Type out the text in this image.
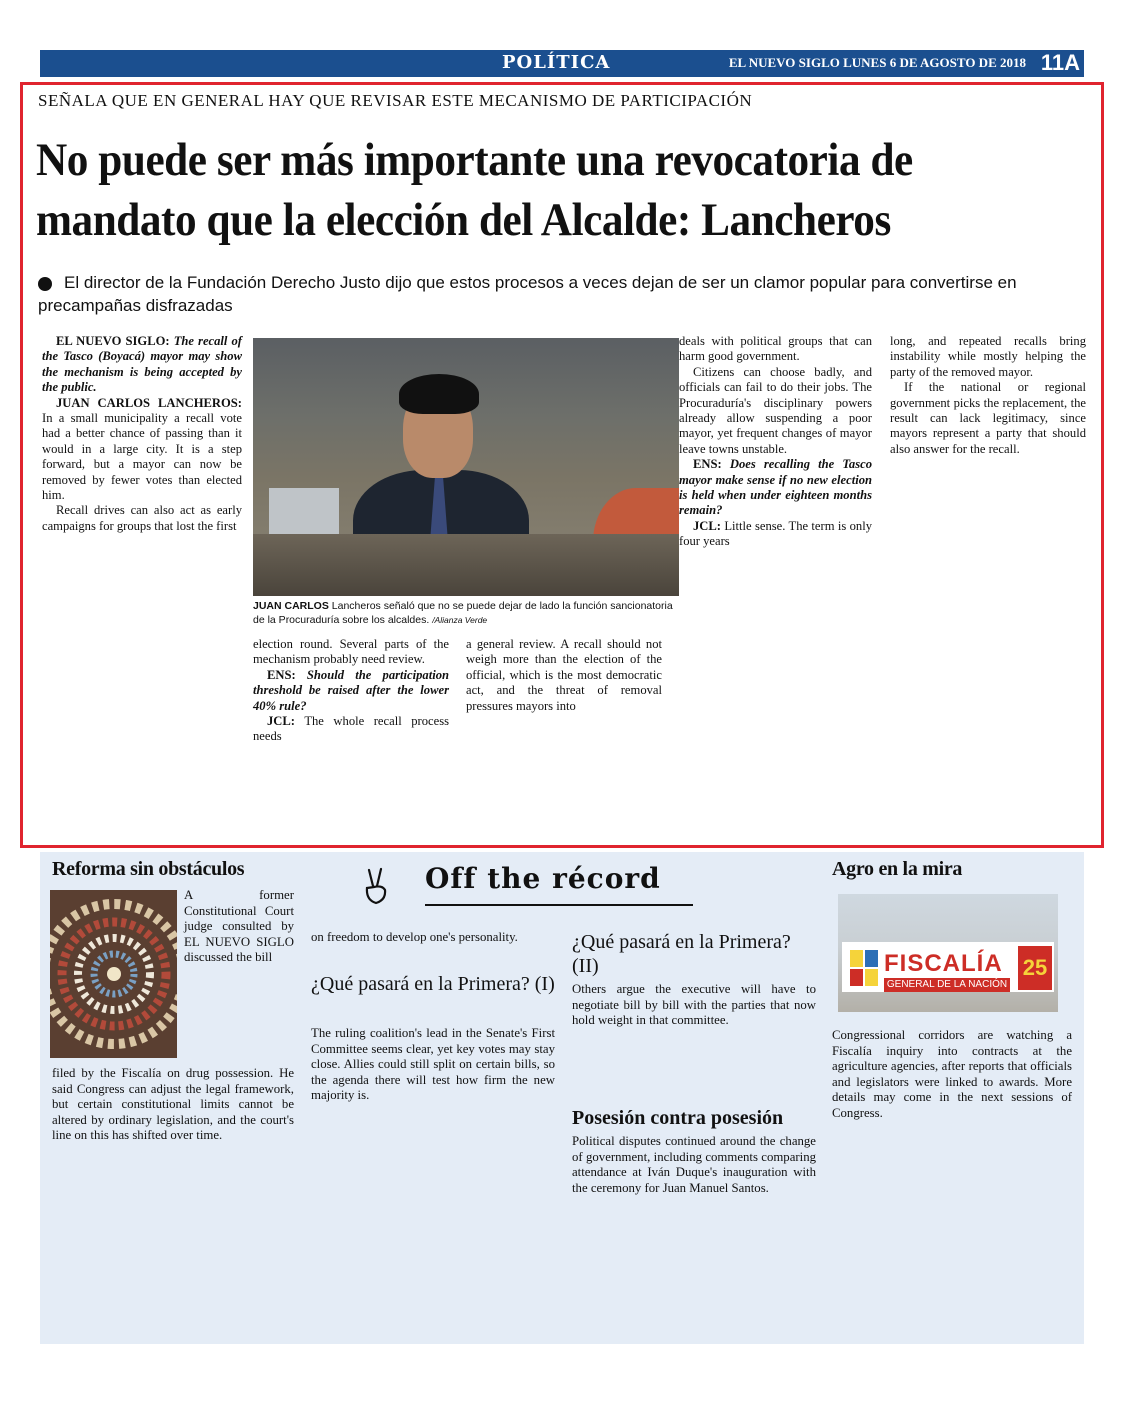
POLÍTICA	EL NUEVO SIGLO LUNES 6 DE AGOSTO DE 2018 11A
SEÑALA QUE EN GENERAL HAY QUE REVISAR ESTE MECANISMO DE PARTICIPACIÓN
No puede ser más importante una revocatoria de mandato que la elección del Alcalde: Lancheros
El director de la Fundación Derecho Justo dijo que estos procesos a veces dejan de ser un clamor popular para convertirse en precampañas disfrazadas

EL NUEVO SIGLO: The recall of the Tasco (Boyacá) mayor may show the mechanism is being accepted by the public.

JUAN CARLOS LANCHEROS: In a small municipality a recall vote had a better chance of passing than it would in a large city. It is a step forward, but a mayor can now be removed by fewer votes than elected him.

Recall drives can also act as early campaigns for groups that lost the first

JUAN CARLOS Lancheros señaló que no se puede dejar de lado la función sancionatoria de la Procuraduría sobre los alcaldes. /Alianza Verde

election round. Several parts of the mechanism probably need review.

ENS: Should the participation threshold be raised after the lower 40% rule?

JCL: The whole recall process needs

a general review. A recall should not weigh more than the election of the official, which is the most democratic act, and the threat of removal pressures mayors into

deals with political groups that can harm good government.

Citizens can choose badly, and officials can fail to do their jobs. The Procuraduría's disciplinary powers already allow suspending a poor mayor, yet frequent changes of mayor leave towns unstable.

ENS: Does recalling the Tasco mayor make sense if no new election is held when under eighteen months remain?

JCL: Little sense. The term is only four years

long, and repeated recalls bring instability while mostly helping the party of the removed mayor.

If the national or regional government picks the replacement, the result can lack legitimacy, since mayors represent a party that should also answer for the recall.

Reforma sin obstáculos
A former Constitutional Court judge consulted by EL NUEVO SIGLO discussed the bill
filed by the Fiscalía on drug possession. He said Congress can adjust the legal framework, but certain constitutional limits cannot be altered by ordinary legislation, and the court's line on this has shifted over time.
Off the récord
on freedom to develop one's personality.
¿Qué pasará en la Primera? (I)
The ruling coalition's lead in the Senate's First Committee seems clear, yet key votes may stay close. Allies could still split on certain bills, so the agenda there will test how firm the new majority is.
¿Qué pasará en la Primera? (II)
Others argue the executive will have to negotiate bill by bill with the parties that now hold weight in that committee.
Posesión contra posesión
Political disputes continued around the change of government, including comments comparing attendance at Iván Duque's inauguration with the ceremony for Juan Manuel Santos.
Agro en la mira
FISCALÍA
GENERAL DE LA NACIÓN
25
Congressional corridors are watching a Fiscalía inquiry into contracts at the agriculture agencies, after reports that officials and legislators were linked to awards. More details may come in the next sessions of Congress.
